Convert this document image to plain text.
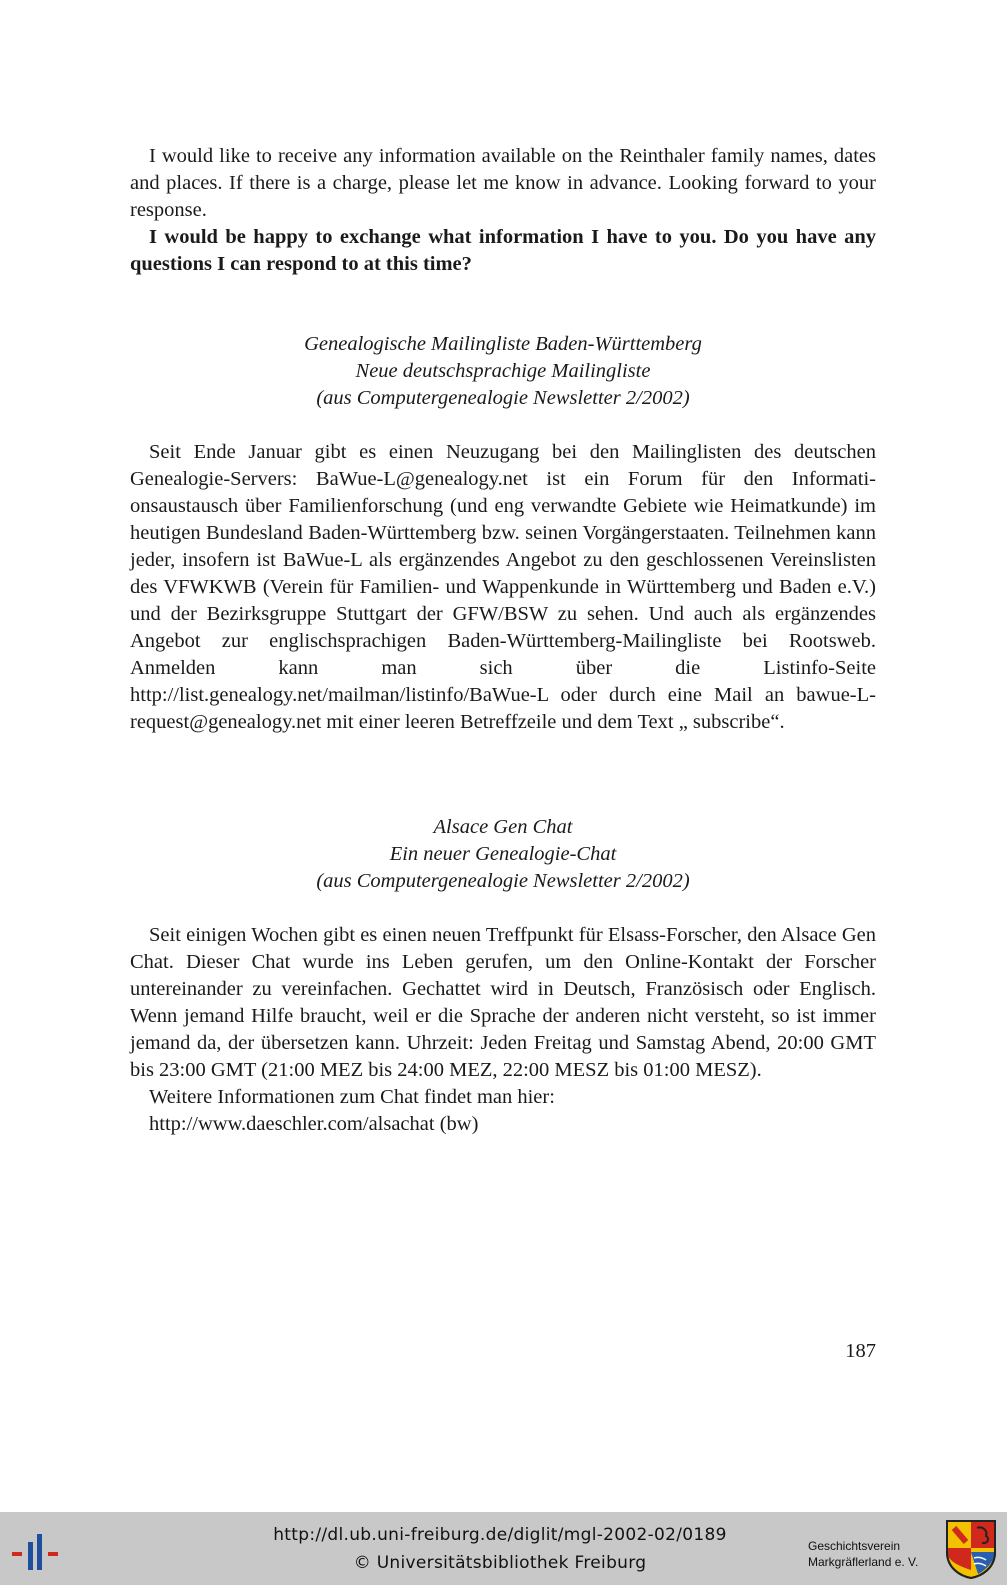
I would like to receive any information available on the Reinthaler family names, dates and places. If there is a charge, please let me know in advance. Looking forward to your response.

I would be happy to exchange what information I have to you. Do you have any questions I can respond to at this time?

Genealogische Mailingliste Baden-Württemberg
Neue deutschsprachige Mailingliste
(aus Computergenealogie Newsletter 2/2002)

Seit Ende Januar gibt es einen Neuzugang bei den Mailinglisten des deutschen Genealogie-Servers: BaWue-L@genealogy.net ist ein Forum für den Informationsaustausch über Familienforschung (und eng verwandte Gebiete wie Heimatkunde) im heutigen Bundesland Baden-Württemberg bzw. seinen Vorgängerstaaten. Teilnehmen kann jeder, insofern ist BaWue-L als ergänzendes Angebot zu den geschlossenen Vereinslisten des VFWKWB (Verein für Familien- und Wappenkunde in Württemberg und Baden e.V.) und der Bezirksgruppe Stuttgart der GFW/BSW zu sehen. Und auch als ergänzendes Angebot zur englischsprachigen Baden-Württemberg-Mailingliste bei Rootsweb. Anmelden kann man sich über die Listinfo-Seite http://list.genealogy.net/mailman/listinfo/BaWue-L oder durch eine Mail an bawue-L-request@genealogy.net mit einer leeren Betreffzeile und dem Text „ subscribe“.

Alsace Gen Chat
Ein neuer Genealogie-Chat
(aus Computergenealogie Newsletter 2/2002)

Seit einigen Wochen gibt es einen neuen Treffpunkt für Elsass-Forscher, den Alsace Gen Chat. Dieser Chat wurde ins Leben gerufen, um den Online-Kontakt der Forscher untereinander zu vereinfachen. Gechattet wird in Deutsch, Französisch oder Englisch. Wenn jemand Hilfe braucht, weil er die Sprache der anderen nicht versteht, so ist immer jemand da, der übersetzen kann. Uhrzeit: Jeden Freitag und Samstag Abend, 20:00 GMT bis 23:00 GMT (21:00 MEZ bis 24:00 MEZ, 22:00 MESZ bis 01:00 MESZ).

Weitere Informationen zum Chat findet man hier:

http://www.daeschler.com/alsachat (bw)

187
http://dl.ub.uni-freiburg.de/diglit/mgl-2002-02/0189
© Universitätsbibliothek Freiburg
Geschichtsverein
Markgräflerland e. V.
